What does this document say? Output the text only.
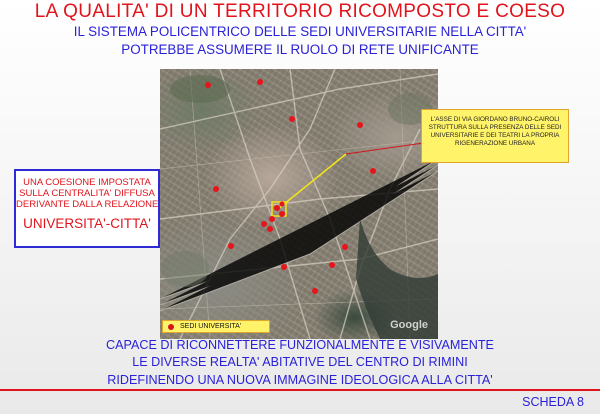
LA QUALITA' DI UN TERRITORIO RICOMPOSTO E COESO
IL SISTEMA POLICENTRICO DELLE SEDI UNIVERSITARIE NELLA CITTA'
POTREBBE ASSUMERE IL RUOLO DI RETE UNIFICANTE
Google
UNA COESIONE IMPOSTATA
SULLA CENTRALITA' DIFFUSA
DERIVANTE DALLA RELAZIONE
UNIVERSITA'-CITTA'
L'ASSE DI VIA GIORDANO BRUNO-CAIROLI
STRUTTURA SULLA PRESENZA DELLE SEDI
UNIVERSITARIE E DEI TEATRI LA PROPRIA
RIGENERAZIONE URBANA
SEDI UNIVERSITA'
CAPACE DI RICONNETTERE FUNZIONALMENTE E VISIVAMENTE
LE DIVERSE REALTA' ABITATIVE DEL CENTRO DI RIMINI
RIDEFINENDO UNA NUOVA IMMAGINE IDEOLOGICA ALLA CITTA'
SCHEDA 8
